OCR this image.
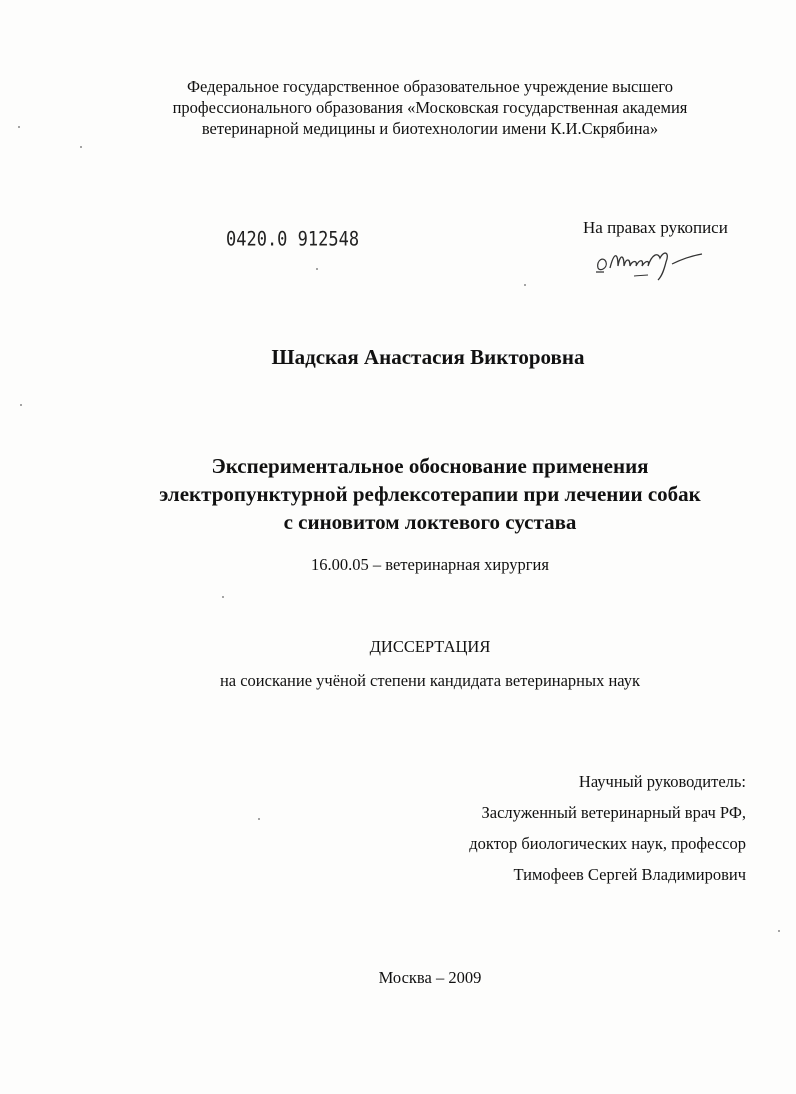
Федеральное государственное образовательное учреждение высшего
профессионального образования «Московская государственная академия
ветеринарной медицины и биотехнологии имени К.И.Скрябина»
0420.0 912548
На правах рукописи
Шадская Анастасия Викторовна
Экспериментальное обоснование применения
электропунктурной рефлексотерапии при лечении собак
с синовитом локтевого сустава
16.00.05 – ветеринарная хирургия
ДИССЕРТАЦИЯ
на соискание учёной степени кандидата ветеринарных наук
Научный руководитель:
Заслуженный ветеринарный врач РФ,
доктор биологических наук, профессор
Тимофеев Сергей Владимирович
Москва – 2009
